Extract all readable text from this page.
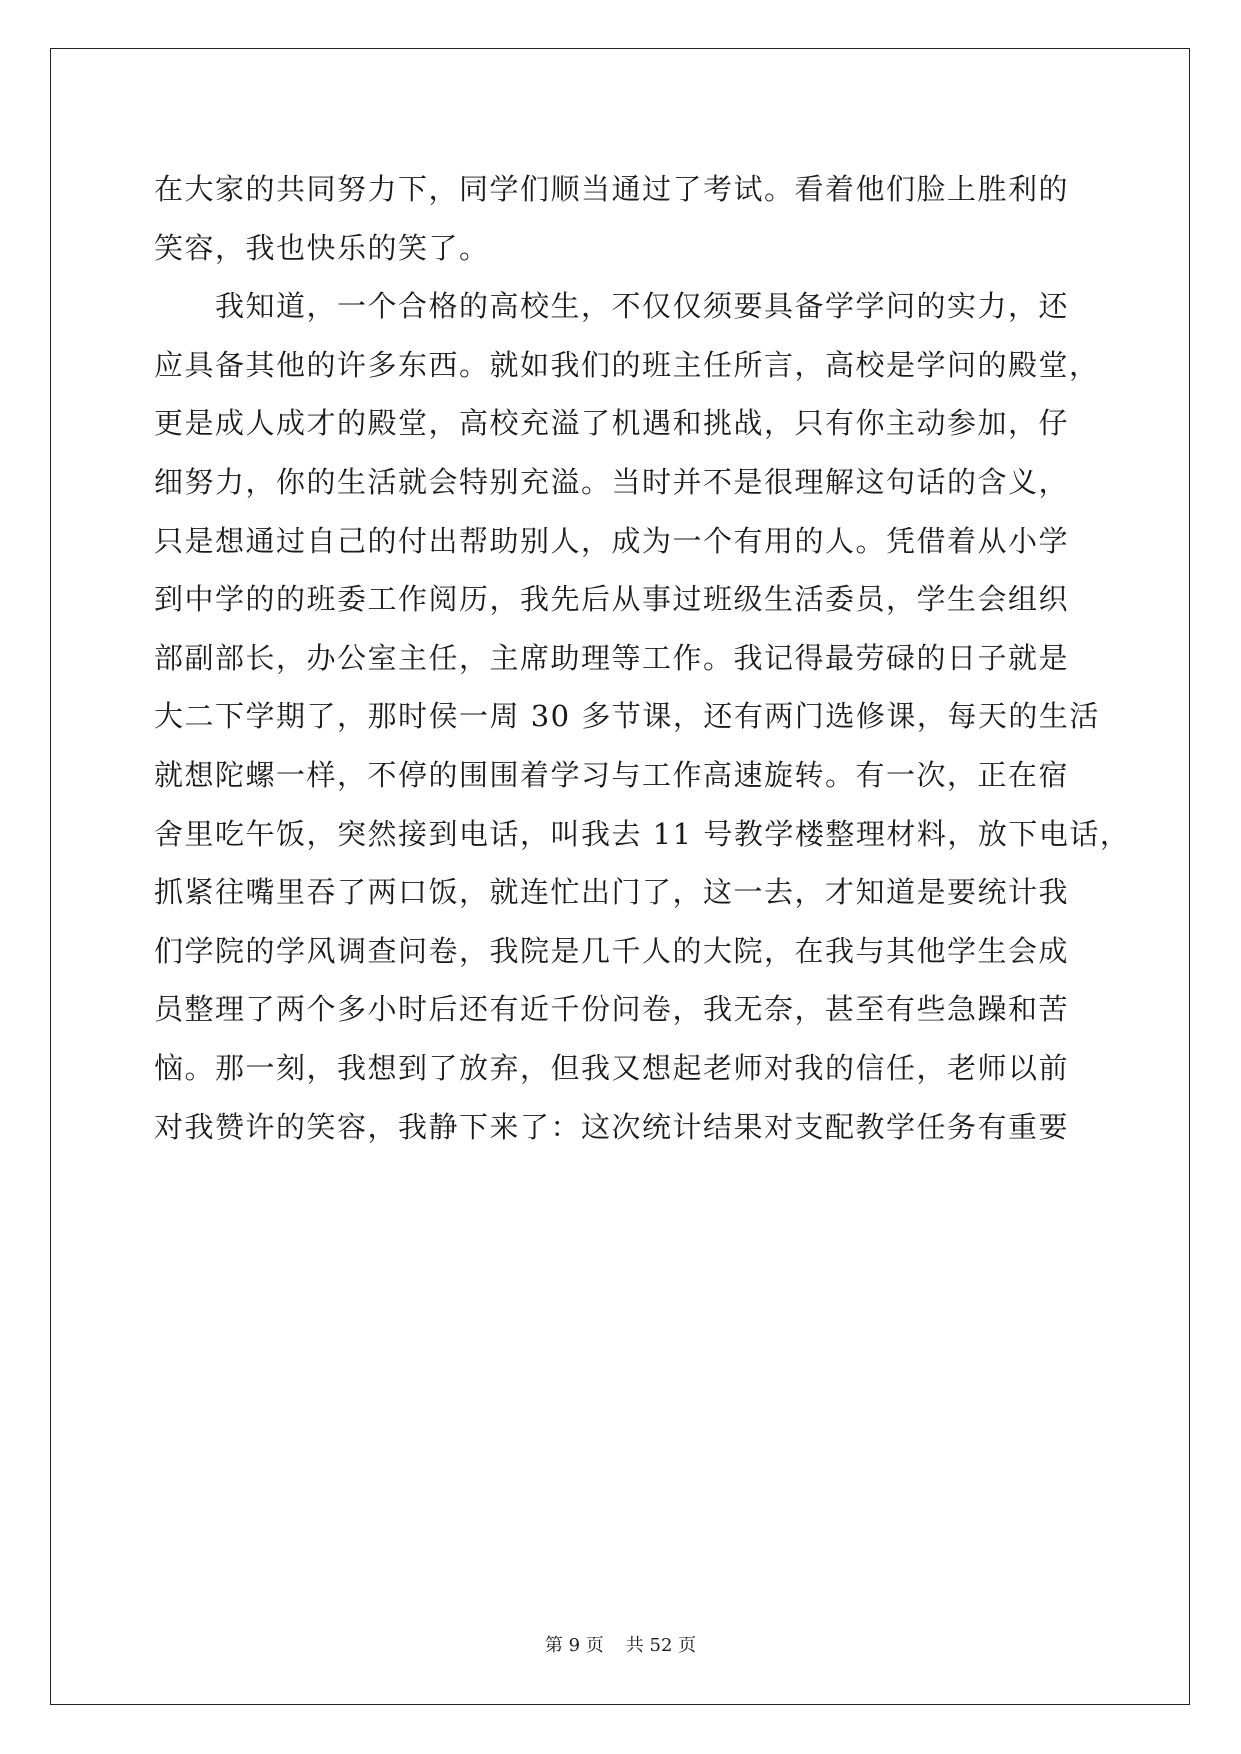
在大家的共同努力下，同学们顺当通过了考试。看着他们脸上胜利的
笑容，我也快乐的笑了。
　　我知道，一个合格的高校生，不仅仅须要具备学学问的实力，还
应具备其他的许多东西。就如我们的班主任所言，高校是学问的殿堂，
更是成人成才的殿堂，高校充溢了机遇和挑战，只有你主动参加，仔
细努力，你的生活就会特别充溢。当时并不是很理解这句话的含义，
只是想通过自己的付出帮助别人，成为一个有用的人。凭借着从小学
到中学的的班委工作阅历，我先后从事过班级生活委员，学生会组织
部副部长，办公室主任，主席助理等工作。我记得最劳碌的日子就是
大二下学期了，那时侯一周 30 多节课，还有两门选修课，每天的生活
就想陀螺一样，不停的围围着学习与工作高速旋转。有一次，正在宿
舍里吃午饭，突然接到电话，叫我去 11 号教学楼整理材料，放下电话，
抓紧往嘴里吞了两口饭，就连忙出门了，这一去，才知道是要统计我
们学院的学风调查问卷，我院是几千人的大院，在我与其他学生会成
员整理了两个多小时后还有近千份问卷，我无奈，甚至有些急躁和苦
恼。那一刻，我想到了放弃，但我又想起老师对我的信任，老师以前
对我赞许的笑容，我静下来了：这次统计结果对支配教学任务有重要
第 9 页 共 52 页
